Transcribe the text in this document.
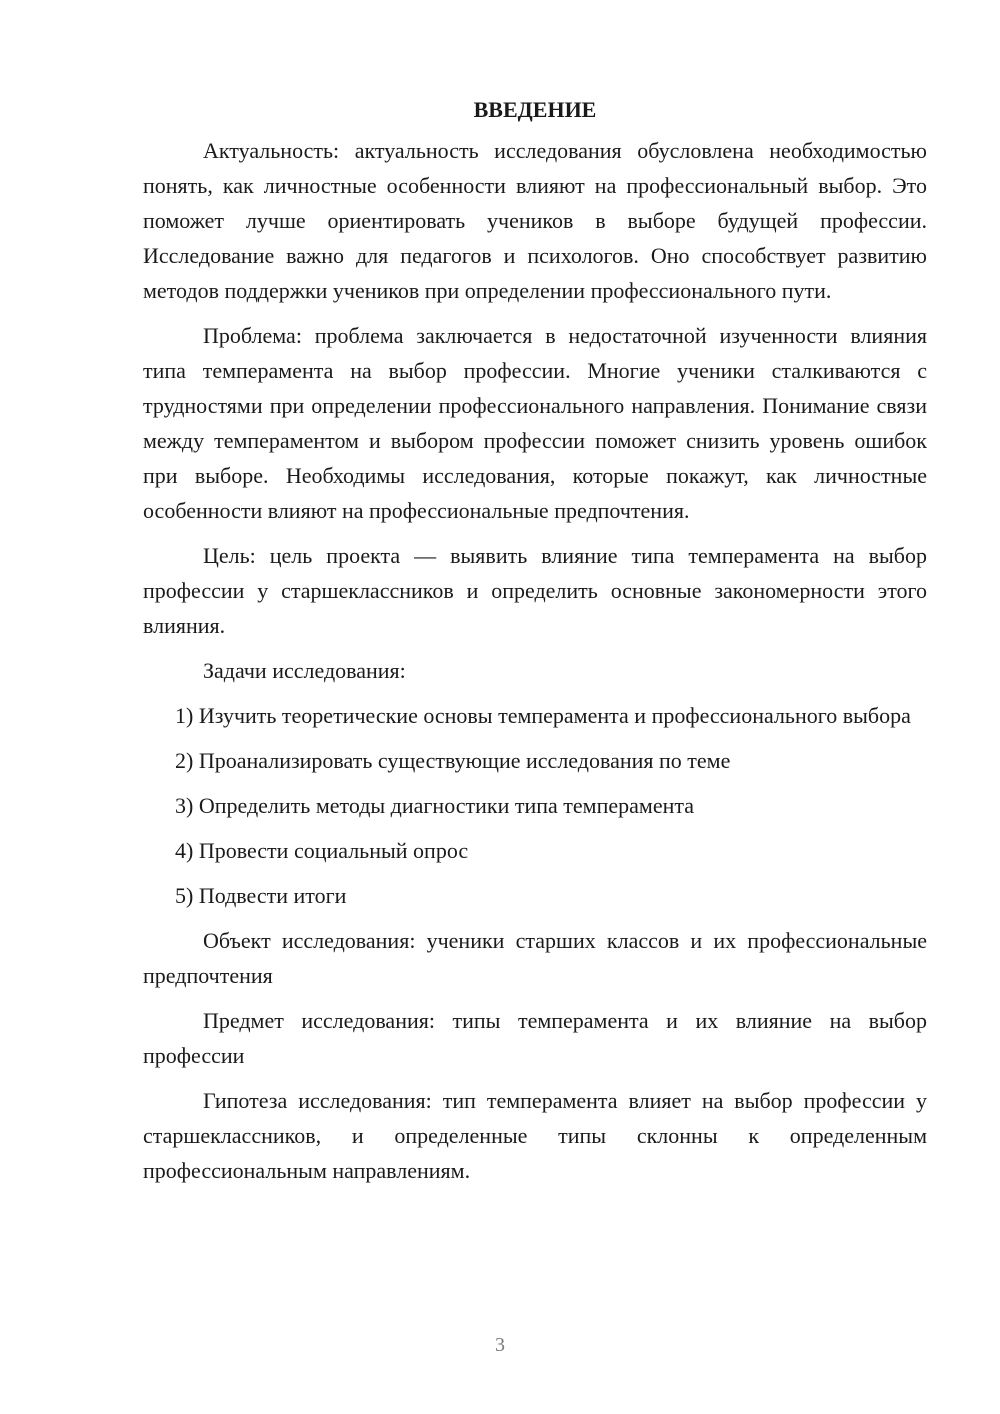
ВВЕДЕНИЕ

Актуальность: актуальность исследования обусловлена необходимостью понять, как личностные особенности влияют на профессиональный выбор. Это поможет лучше ориентировать учеников в выборе будущей профессии. Исследование важно для педагогов и психологов. Оно способствует развитию методов поддержки учеников при определении профессионального пути.

Проблема: проблема заключается в недостаточной изученности влияния типа темперамента на выбор профессии. Многие ученики сталкиваются с трудностями при определении профессионального направления. Понимание связи между темпераментом и выбором профессии поможет снизить уровень ошибок при выборе. Необходимы исследования, которые покажут, как личностные особенности влияют на профессиональные предпочтения.

Цель: цель проекта — выявить влияние типа темперамента на выбор профессии у старшеклассников и определить основные закономерности этого влияния.

Задачи исследования:

1) Изучить теоретические основы темперамента и профессионального выбора

2) Проанализировать существующие исследования по теме

3) Определить методы диагностики типа темперамента

4) Провести социальный опрос

5) Подвести итоги

Объект исследования: ученики старших классов и их профессиональные предпочтения

Предмет исследования: типы темперамента и их влияние на выбор профессии

Гипотеза исследования: тип темперамента влияет на выбор профессии у старшеклассников, и определенные типы склонны к определенным профессиональным направлениям.

3
